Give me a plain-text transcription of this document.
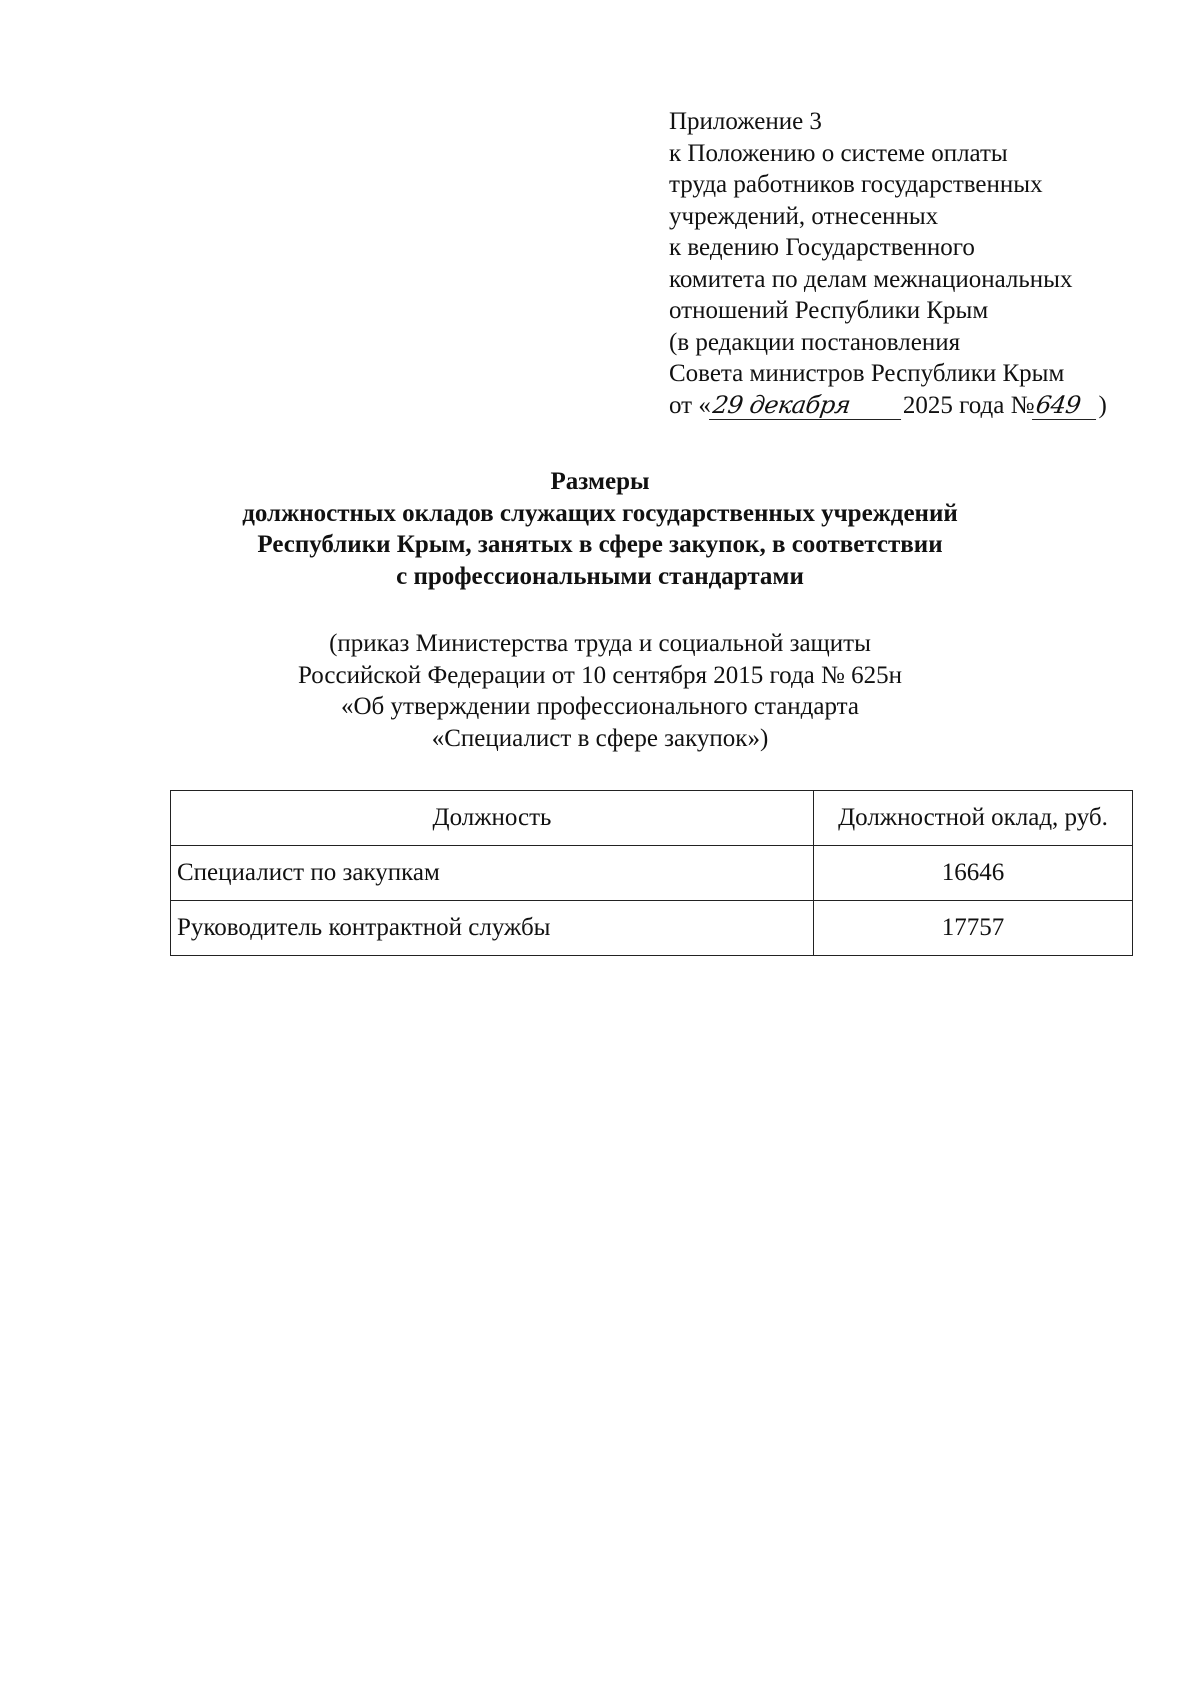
Приложение 3
к Положению о системе оплаты
труда работников государственных
учреждений, отнесенных
к ведению Государственного
комитета по делам межнациональных
отношений Республики Крым
(в редакции постановления
Совета министров Республики Крым
от «29 декабря 2025 года №649 )
Размеры
должностных окладов служащих государственных учреждений
Республики Крым, занятых в сфере закупок, в соответствии
с профессиональными стандартами
(приказ Министерства труда и социальной защиты
Российской Федерации от 10 сентября 2015 года № 625н
«Об утверждении профессионального стандарта
«Специалист в сфере закупок»)
Должность	Должностной оклад, руб.
Специалист по закупкам	16646
Руководитель контрактной службы	17757
